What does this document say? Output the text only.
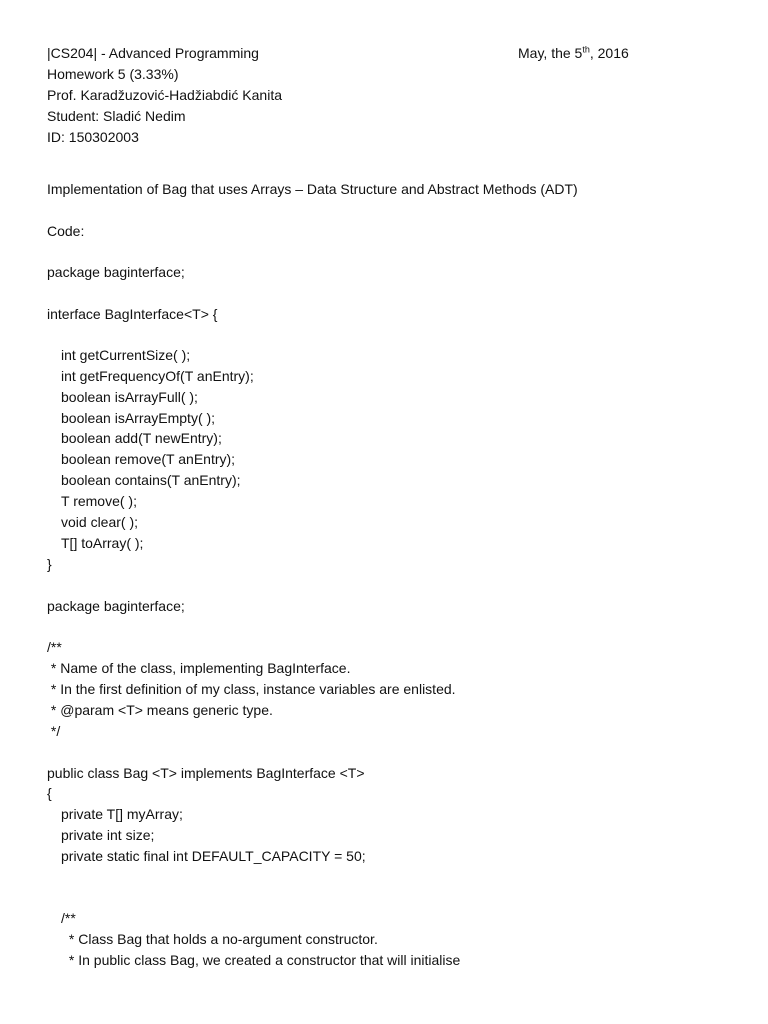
|CS204| - Advanced Programming	May, the 5th, 2016
Homework 5 (3.33%)
Prof. Karadžuzović-Hadžiabdić Kanita
Student: Sladić Nedim
ID: 150302003
Implementation of Bag that uses Arrays – Data Structure and Abstract Methods (ADT)
Code:
package baginterface;
interface BagInterface<T> {
int getCurrentSize( );
int getFrequencyOf(T anEntry);
boolean isArrayFull( );
boolean isArrayEmpty( );
boolean add(T newEntry);
boolean remove(T anEntry);
boolean contains(T anEntry);
T remove( );
void clear( );
T[] toArray( );
}
package baginterface;
/**
* Name of the class, implementing BagInterface.
* In the first definition of my class, instance variables are enlisted.
* @param <T> means generic type.
*/
public class Bag <T> implements BagInterface <T>
{
private T[] myArray;
private int size;
private static final int DEFAULT_CAPACITY = 50;
/**
* Class Bag that holds a no-argument constructor.
* In public class Bag, we created a constructor that will initialise
